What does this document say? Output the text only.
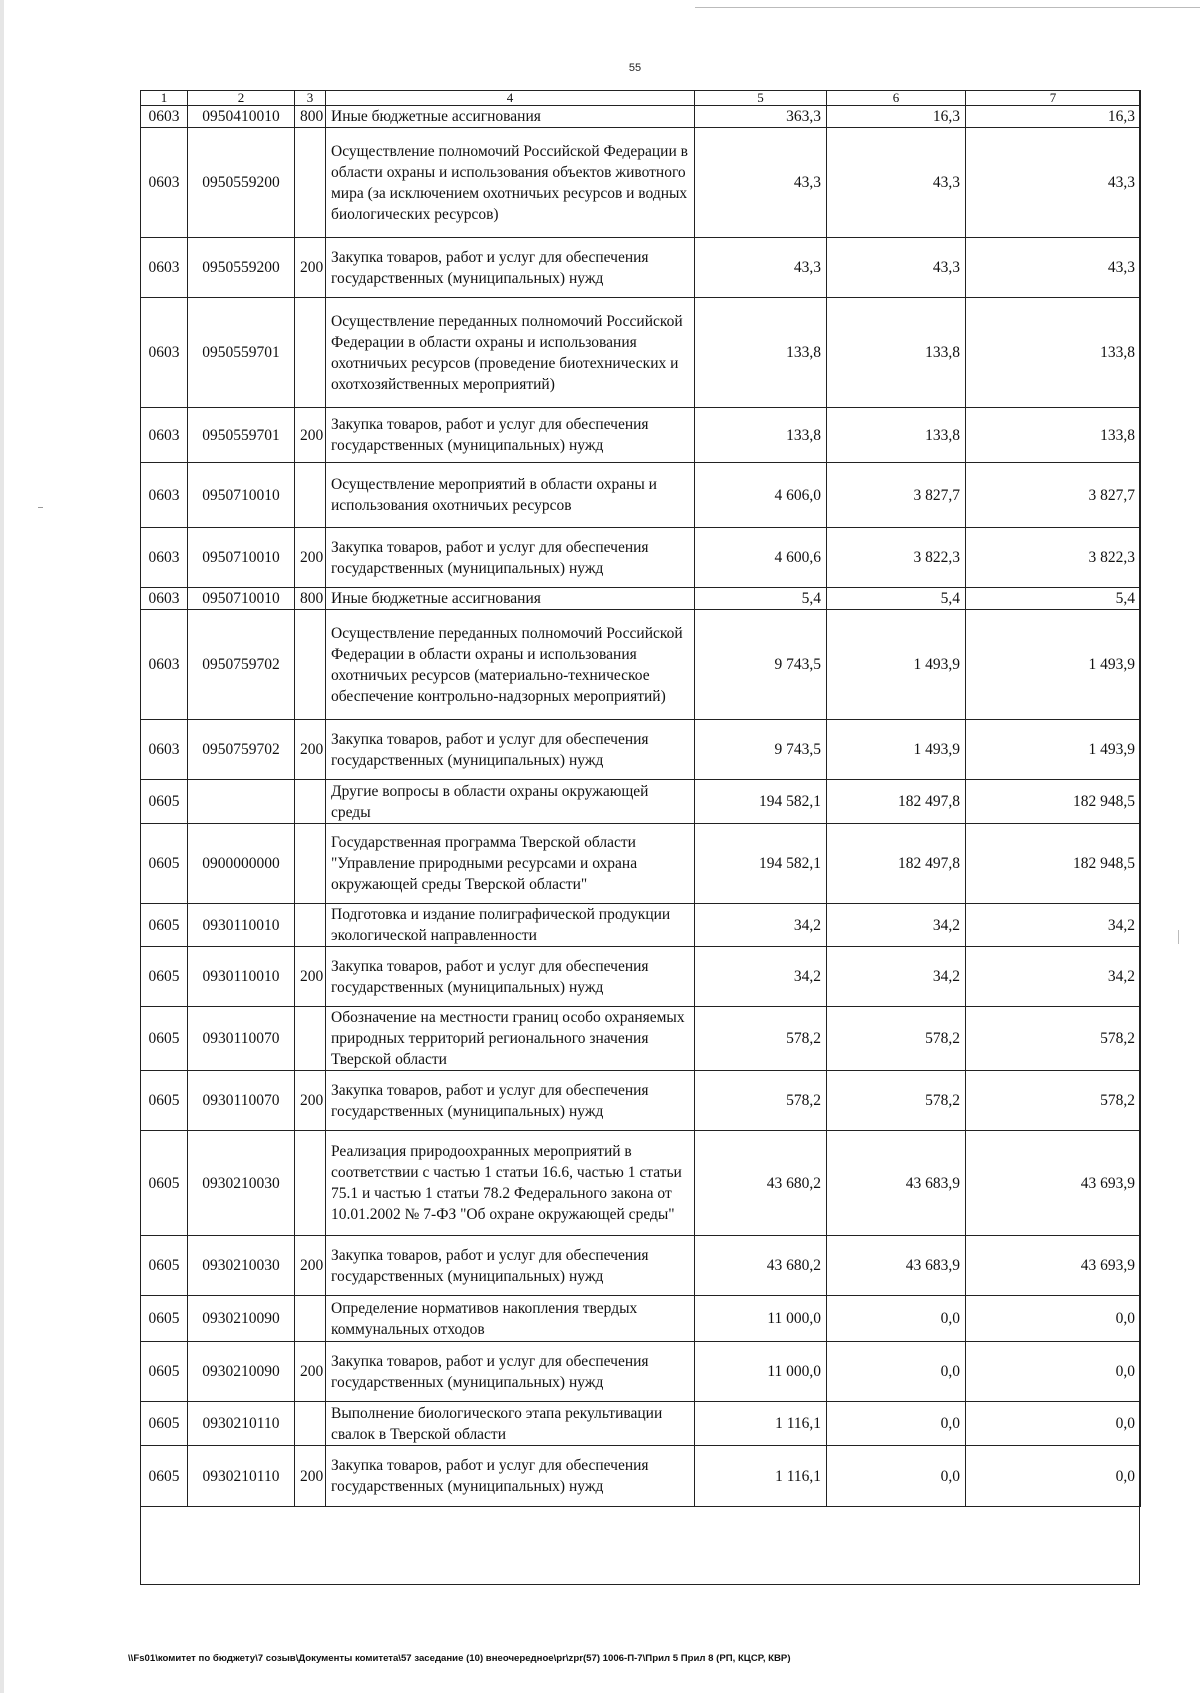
55
1	2	3	4	5	6	7
0603	0950410010	800	Иные бюджетные ассигнования	363,3	16,3	16,3
0603	0950559200		Осуществление полномочий Российской Федерации в области охраны и использования объектов животного мира (за исключением охотничьих ресурсов и водных биологических ресурсов)	43,3	43,3	43,3
0603	0950559200	200	Закупка товаров, работ и услуг для обеспечения государственных (муниципальных) нужд	43,3	43,3	43,3
0603	0950559701		Осуществление переданных полномочий Российской Федерации в области охраны и использования охотничьих ресурсов (проведение биотехнических и охотхозяйственных мероприятий)	133,8	133,8	133,8
0603	0950559701	200	Закупка товаров, работ и услуг для обеспечения государственных (муниципальных) нужд	133,8	133,8	133,8
0603	0950710010		Осуществление мероприятий в области охраны и использования охотничьих ресурсов	4 606,0	3 827,7	3 827,7
0603	0950710010	200	Закупка товаров, работ и услуг для обеспечения государственных (муниципальных) нужд	4 600,6	3 822,3	3 822,3
0603	0950710010	800	Иные бюджетные ассигнования	5,4	5,4	5,4
0603	0950759702		Осуществление переданных полномочий Российской Федерации в области охраны и использования охотничьих ресурсов (материально-техническое обеспечение контрольно-надзорных мероприятий)	9 743,5	1 493,9	1 493,9
0603	0950759702	200	Закупка товаров, работ и услуг для обеспечения государственных (муниципальных) нужд	9 743,5	1 493,9	1 493,9
0605			Другие вопросы в области охраны окружающей среды	194 582,1	182 497,8	182 948,5
0605	0900000000		Государственная программа Тверской области "Управление природными ресурсами и охрана окружающей среды Тверской области"	194 582,1	182 497,8	182 948,5
0605	0930110010		Подготовка и издание полиграфической продукции экологической направленности	34,2	34,2	34,2
0605	0930110010	200	Закупка товаров, работ и услуг для обеспечения государственных (муниципальных) нужд	34,2	34,2	34,2
0605	0930110070		Обозначение на местности границ особо охраняемых природных территорий регионального значения Тверской области	578,2	578,2	578,2
0605	0930110070	200	Закупка товаров, работ и услуг для обеспечения государственных (муниципальных) нужд	578,2	578,2	578,2
0605	0930210030		Реализация природоохранных мероприятий в соответствии с частью 1 статьи 16.6, частью 1 статьи 75.1 и частью 1 статьи 78.2 Федерального закона от 10.01.2002 № 7-ФЗ "Об охране окружающей среды"	43 680,2	43 683,9	43 693,9
0605	0930210030	200	Закупка товаров, работ и услуг для обеспечения государственных (муниципальных) нужд	43 680,2	43 683,9	43 693,9
0605	0930210090		Определение нормативов накопления твердых коммунальных отходов	11 000,0	0,0	0,0
0605	0930210090	200	Закупка товаров, работ и услуг для обеспечения государственных (муниципальных) нужд	11 000,0	0,0	0,0
0605	0930210110		Выполнение биологического этапа рекультивации свалок в Тверской области	1 116,1	0,0	0,0
0605	0930210110	200	Закупка товаров, работ и услуг для обеспечения государственных (муниципальных) нужд	1 116,1	0,0	0,0
\\Fs01\комитет по бюджету\7 созыв\Документы комитета\57 заседание (10) внеочередное\pr\zpr(57) 1006-П-7\Прил 5 Прил 8 (РП, КЦСР, КВР)
